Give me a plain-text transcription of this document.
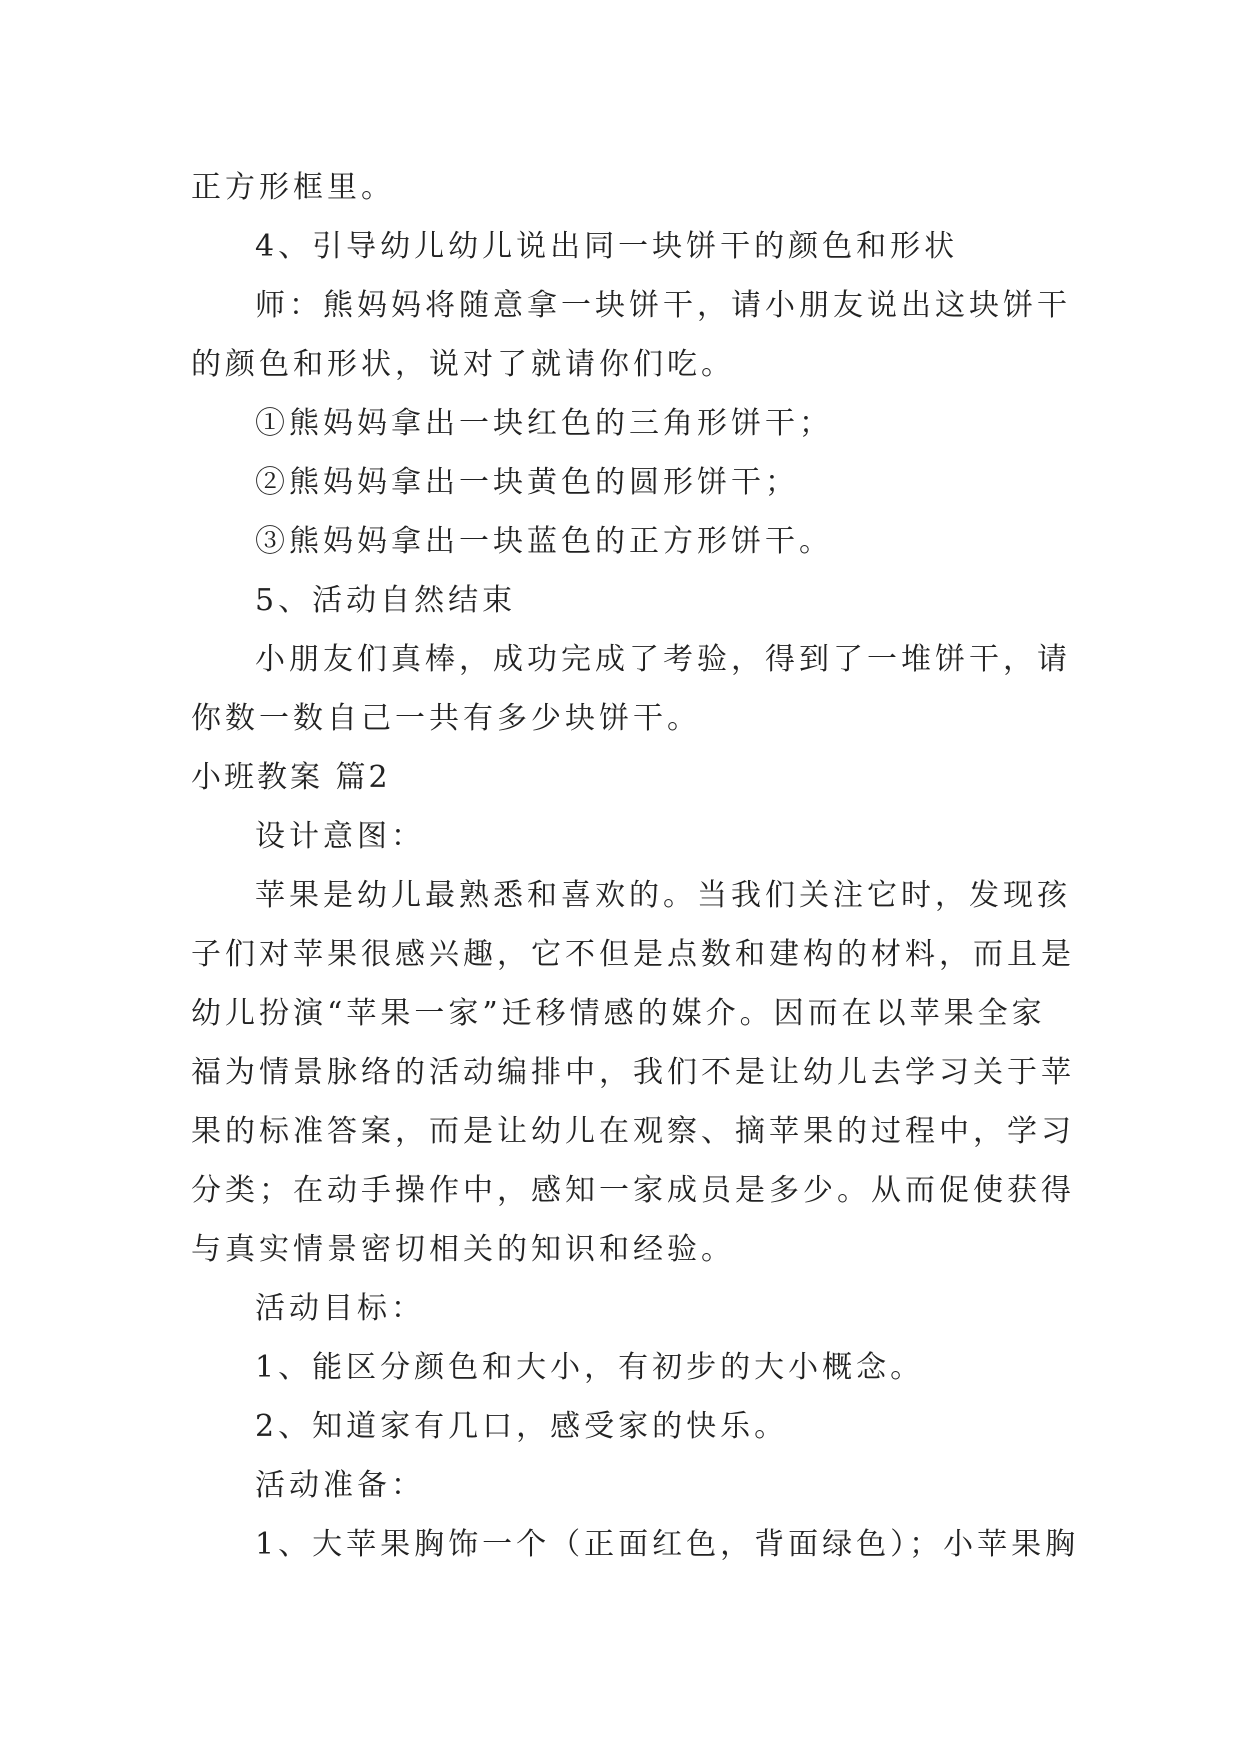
正方形框里。
4、引导幼儿幼儿说出同一块饼干的颜色和形状
师：熊妈妈将随意拿一块饼干，请小朋友说出这块饼干
的颜色和形状，说对了就请你们吃。
①熊妈妈拿出一块红色的三角形饼干；
②熊妈妈拿出一块黄色的圆形饼干；
③熊妈妈拿出一块蓝色的正方形饼干。
5、活动自然结束
小朋友们真棒，成功完成了考验，得到了一堆饼干，请
你数一数自己一共有多少块饼干。
小班教案 篇2
设计意图：
苹果是幼儿最熟悉和喜欢的。当我们关注它时，发现孩
子们对苹果很感兴趣，它不但是点数和建构的材料，而且是
幼儿扮演“苹果一家”迁移情感的媒介。因而在以苹果全家
福为情景脉络的活动编排中，我们不是让幼儿去学习关于苹
果的标准答案，而是让幼儿在观察、摘苹果的过程中，学习
分类；在动手操作中，感知一家成员是多少。从而促使获得
与真实情景密切相关的知识和经验。
活动目标：
1、能区分颜色和大小，有初步的大小概念。
2、知道家有几口，感受家的快乐。
活动准备：
1、大苹果胸饰一个（正面红色，背面绿色）；小苹果胸
